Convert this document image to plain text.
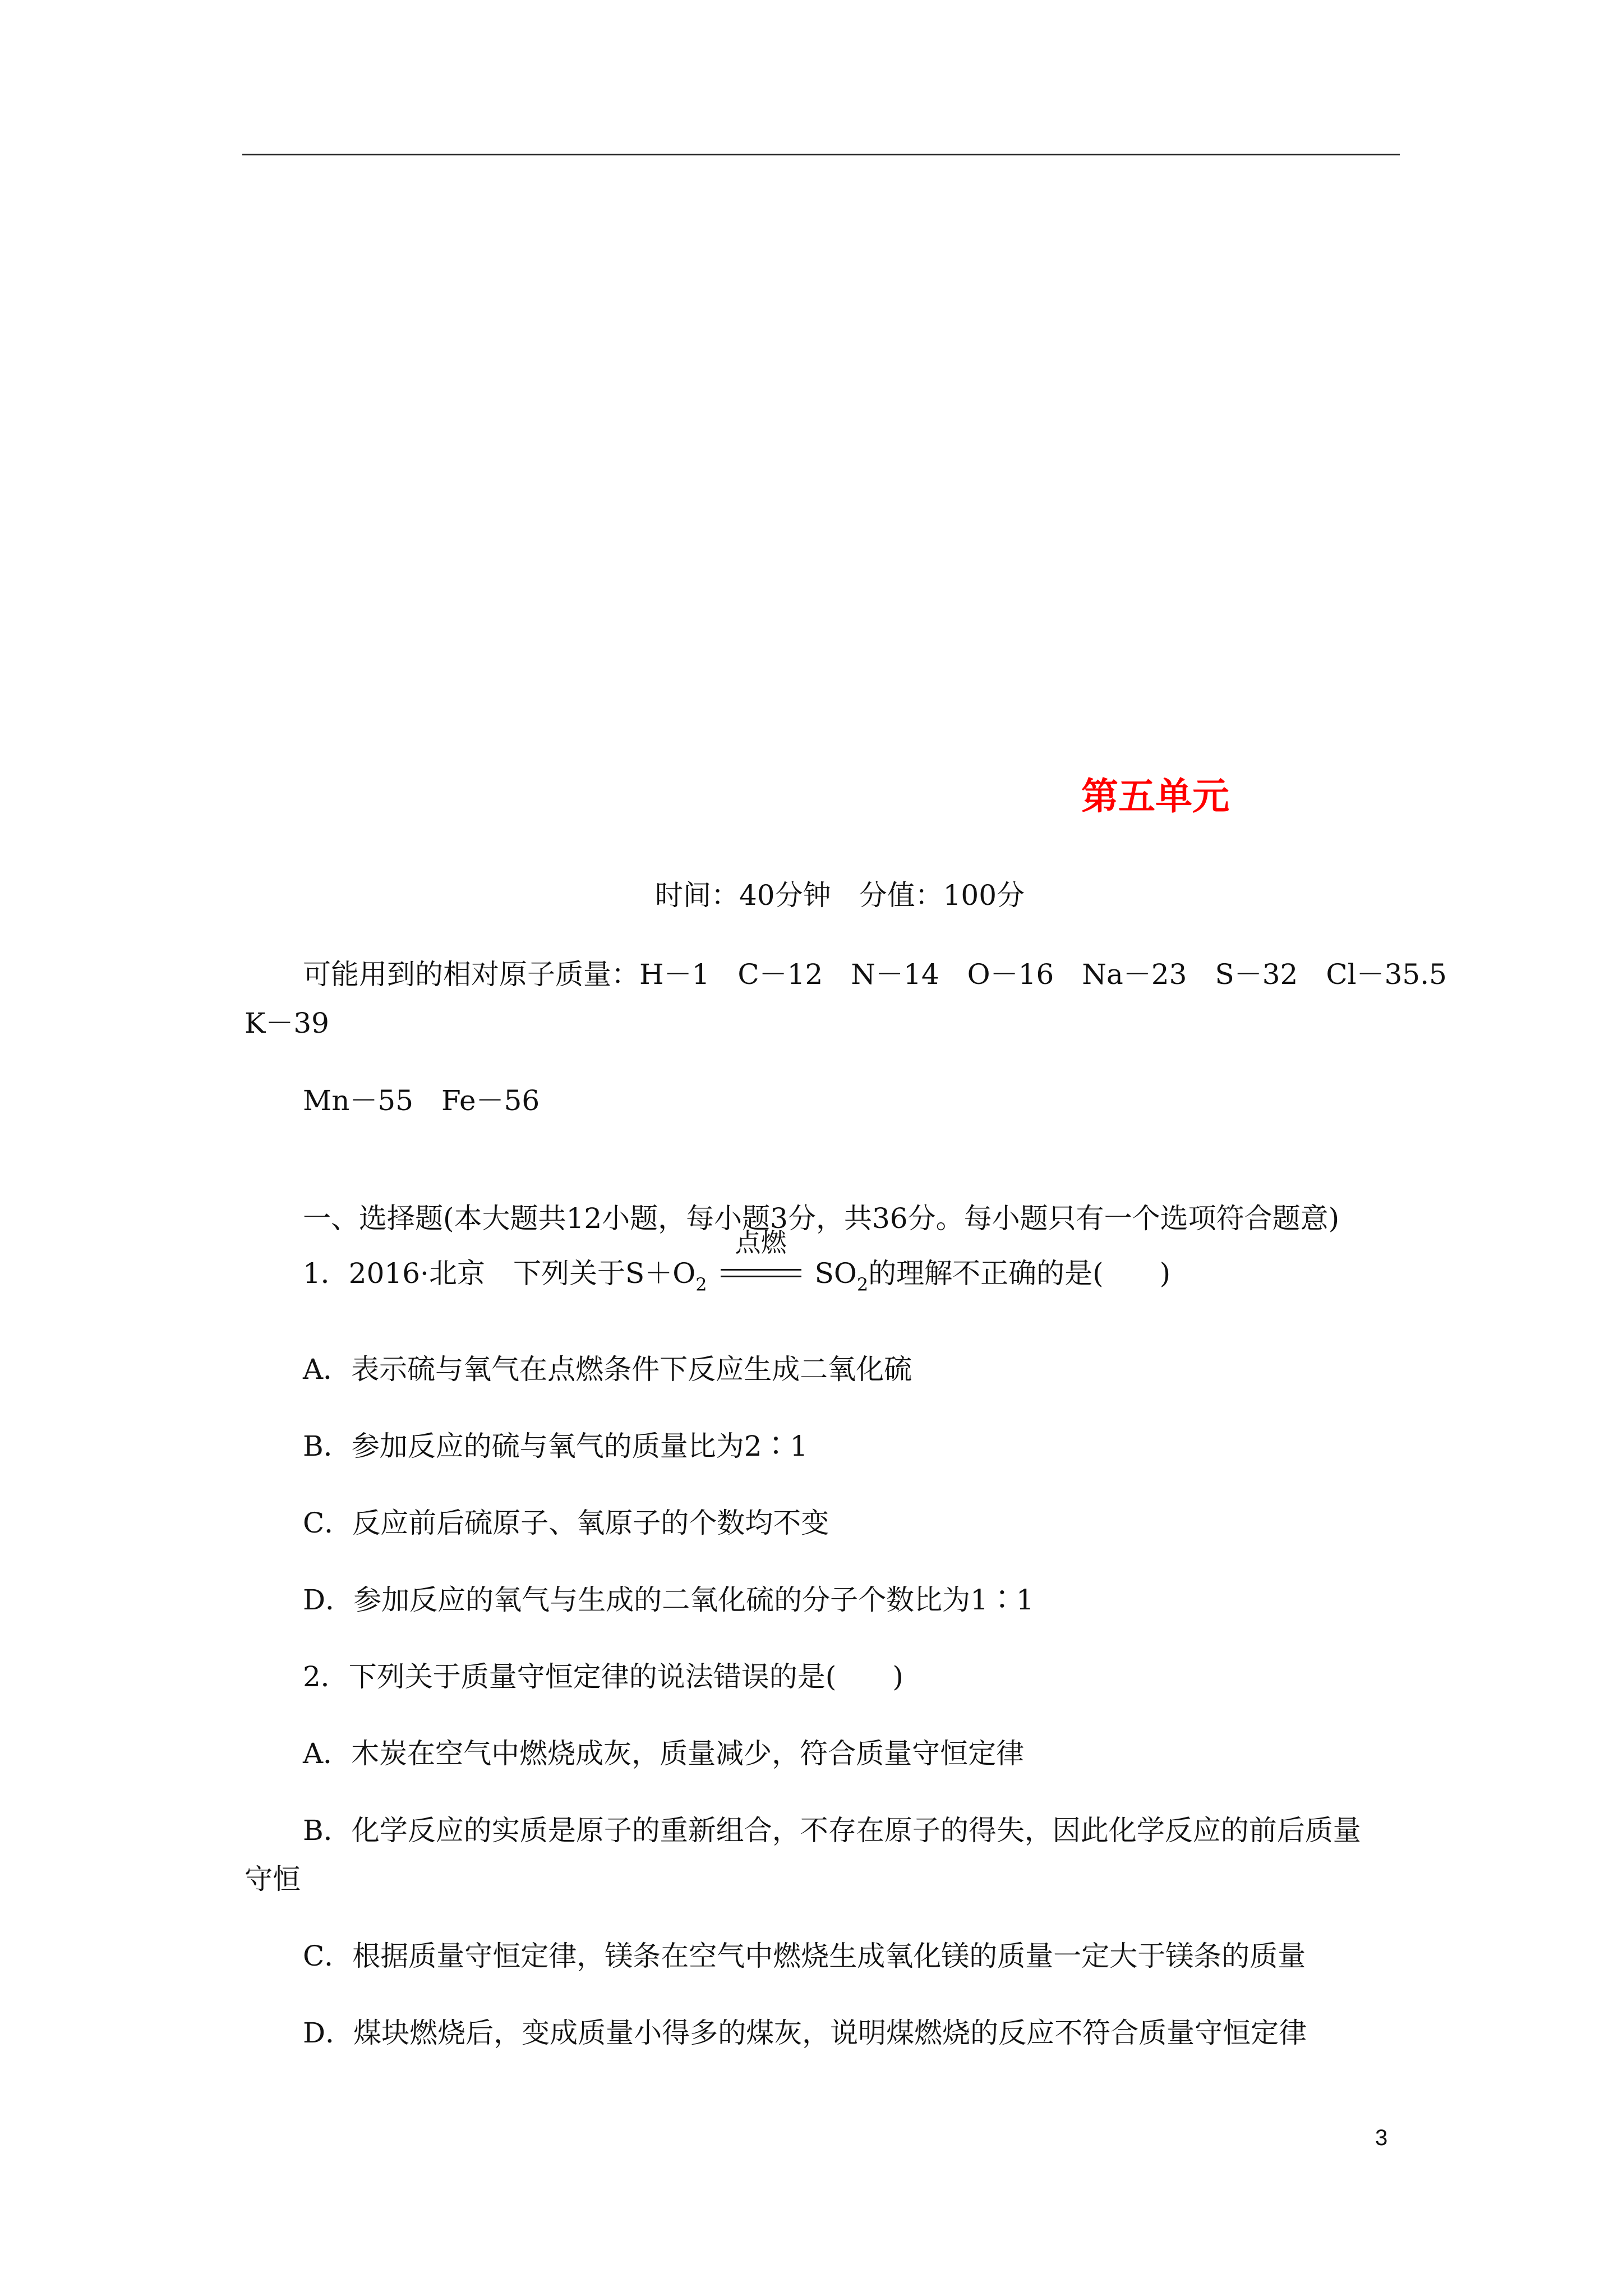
第五单元
时间：40分钟　分值：100分
可能用到的相对原子质量：H－1　C－12　N－14　O－16　Na－23　S－32　Cl－35.5
K－39
Mn－55　Fe－56
一、选择题(本大题共12小题，每小题3分，共36分。每小题只有一个选项符合题意)
1．2016·北京　下列关于$S+O_2$
点燃
$SO_2$的理解不正确的是(　　)
A．表示硫与氧气在点燃条件下反应生成二氧化硫
B．参加反应的硫与氧气的质量比为2∶1
C．反应前后硫原子、氧原子的个数均不变
D．参加反应的氧气与生成的二氧化硫的分子个数比为1∶1
2．下列关于质量守恒定律的说法错误的是(　　)
A．木炭在空气中燃烧成灰，质量减少，符合质量守恒定律
B．化学反应的实质是原子的重新组合，不存在原子的得失，因此化学反应的前后质量
守恒
C．根据质量守恒定律，镁条在空气中燃烧生成氧化镁的质量一定大于镁条的质量
D．煤块燃烧后，变成质量小得多的煤灰，说明煤燃烧的反应不符合质量守恒定律
3
